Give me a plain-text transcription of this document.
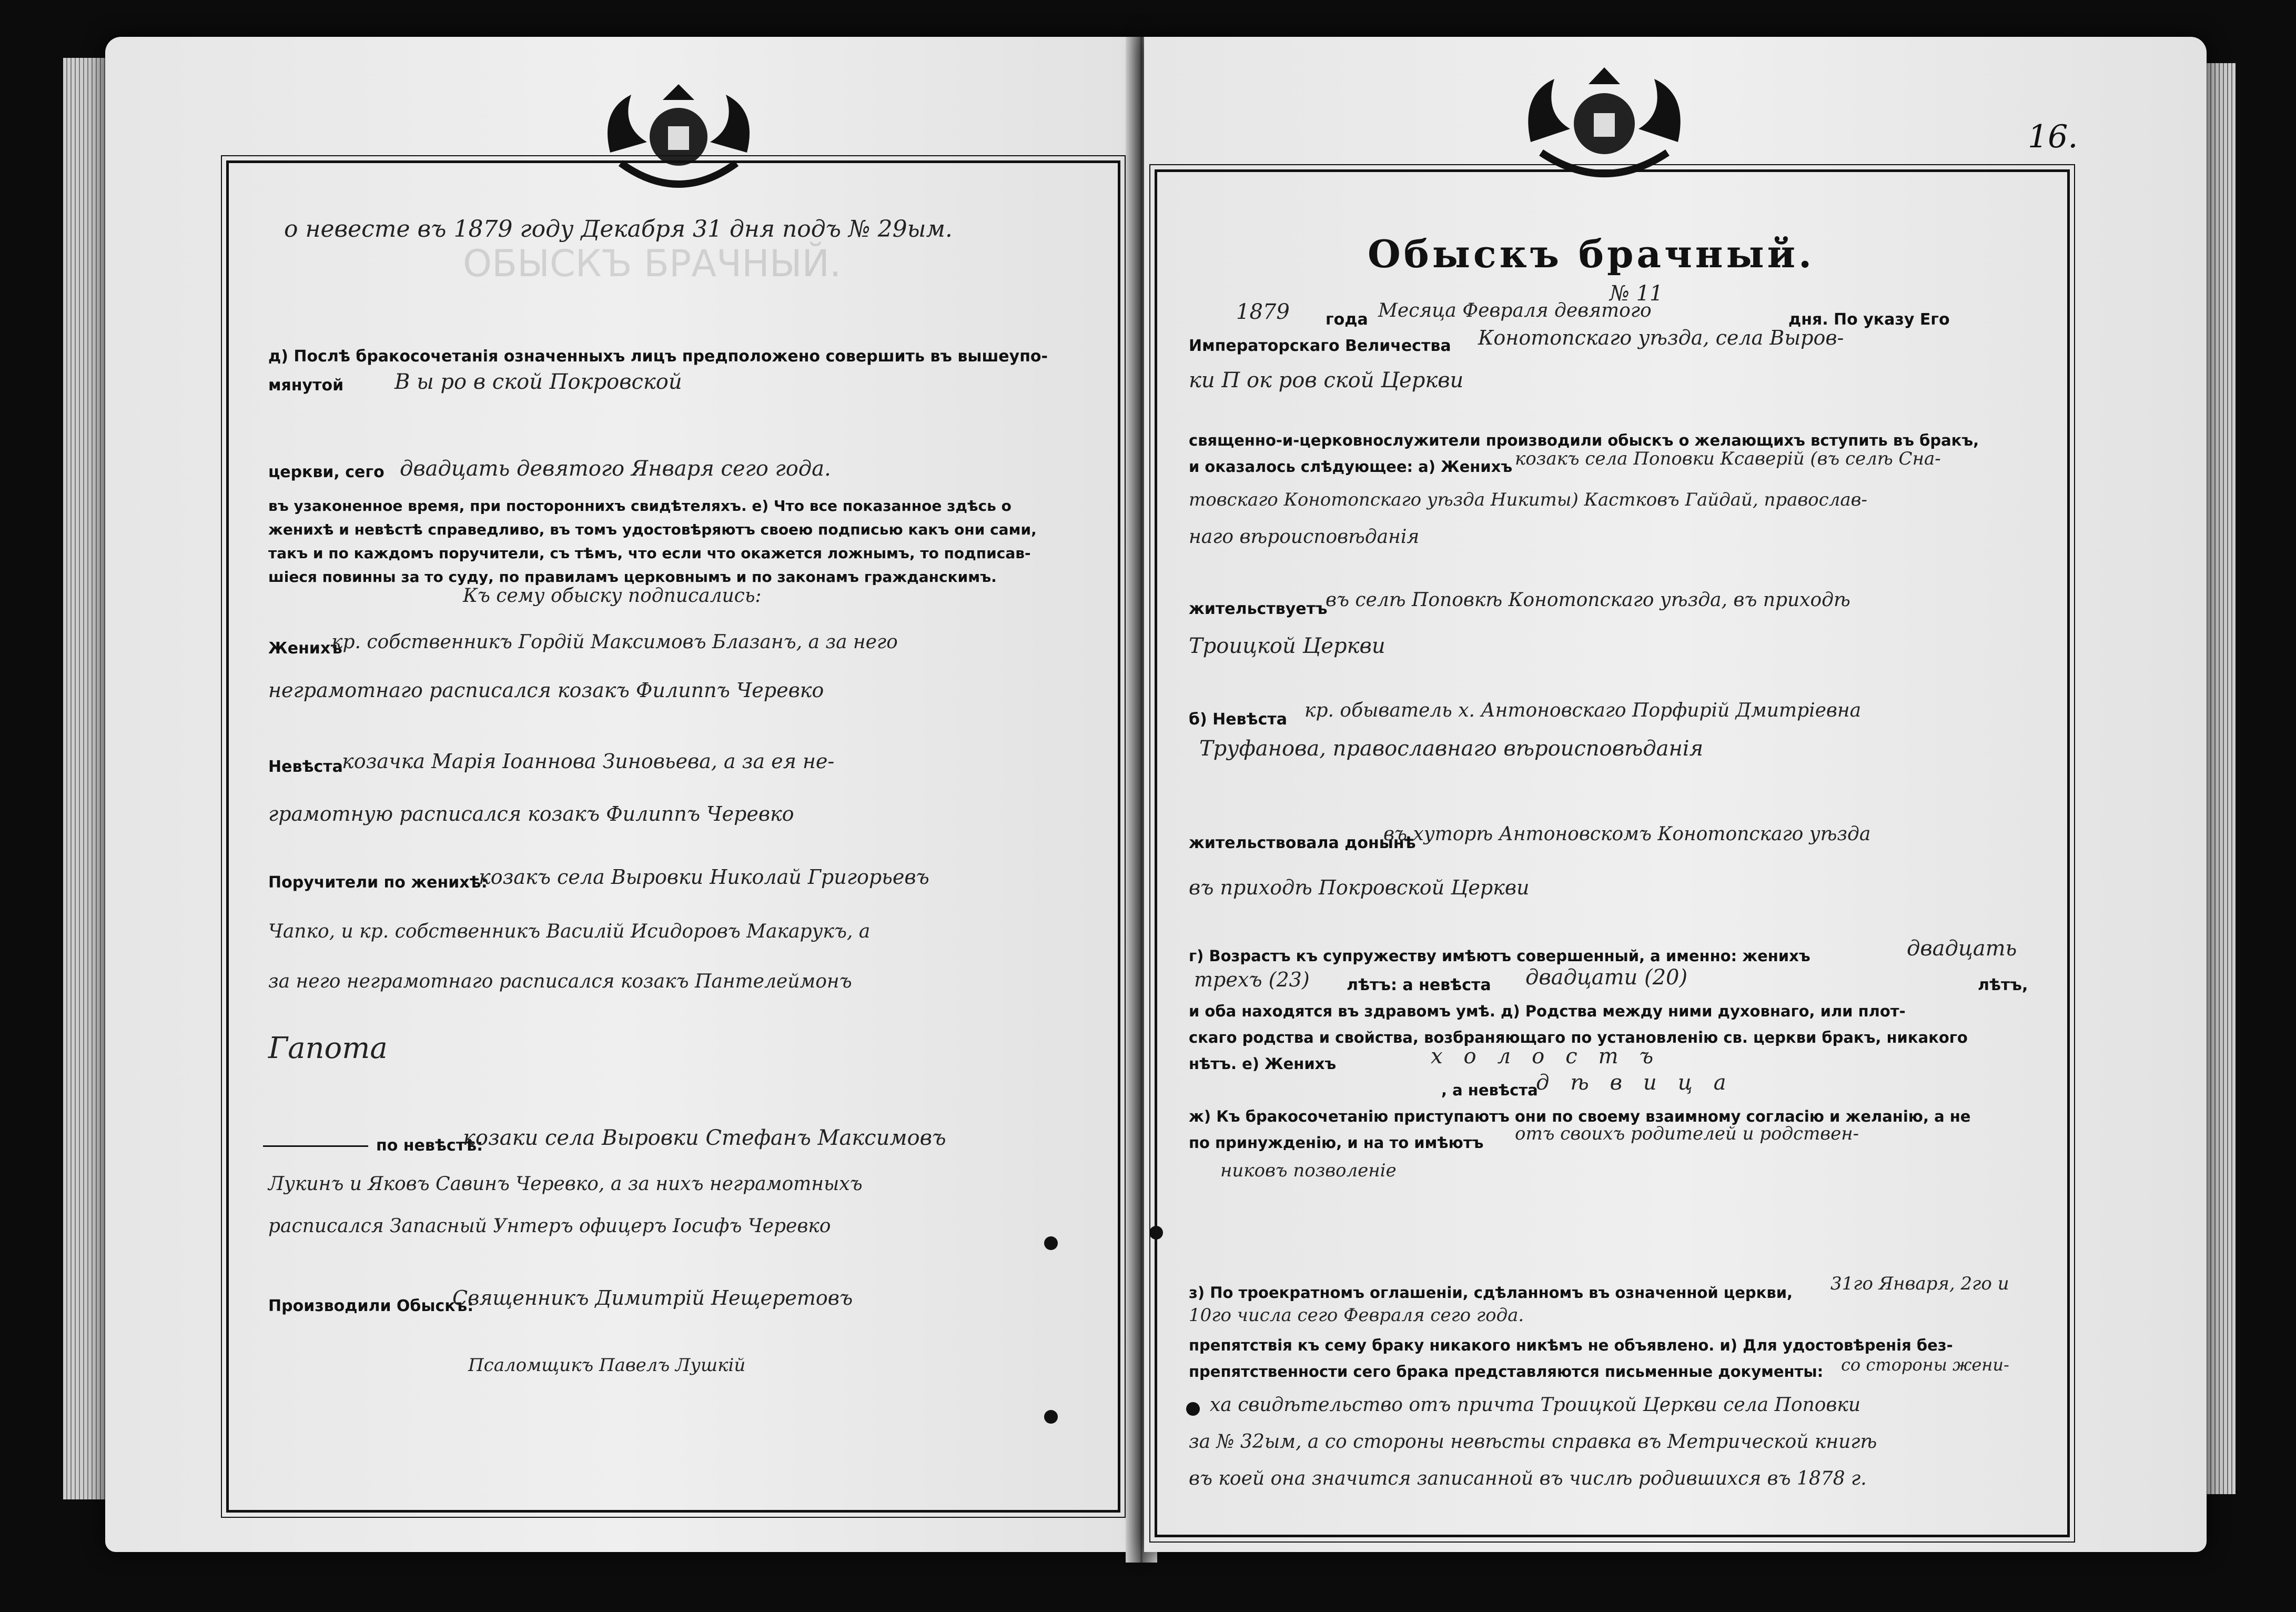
о невесте въ 1879 году Декабря 31 дня подъ № 29ым.
ОБЫСКЪ БРАЧНЫЙ.
д) Послѣ бракосочетанія означенныхъ лицъ предположено совершить въ вышеупо-
мянутой В ы ро в ской Покровской
церкви, сего двадцать девятого Января сего года.
въ узаконенное время, при постороннихъ свидѣтеляхъ. е) Что все показанное здѣсь о
женихѣ и невѣстѣ справедливо, въ томъ удостовѣряютъ своею подписью какъ они сами,
такъ и по каждомъ поручители, съ тѣмъ, что если что окажется ложнымъ, то подписав-
шіеся повинны за то суду, по правиламъ церковнымъ и по законамъ гражданскимъ.
Къ сему обыску подписались:
Женихъ
кр. собственникъ Гордій Максимовъ Блазанъ, а за него
неграмотнаго расписался козакъ Филиппъ Черевко
Невѣста
козачка Марія Іоаннова Зиновьева, а за ея не-
грамотную расписался козакъ Филиппъ Черевко
Поручители по женихѣ:
козакъ села Выровки Николай Григорьевъ
Чапко, и кр. собственникъ Василій Исидоровъ Макарукъ, а
за него неграмотнаго расписался козакъ Пантелеймонъ
Гапота
по невѣстѣ:
козаки села Выровки Стефанъ Максимовъ
Лукинъ и Яковъ Савинъ Черевко, а за нихъ неграмотныхъ
расписался Запасный Унтеръ офицеръ Іосифъ Черевко
Производили Обыскъ:
Священникъ Димитрій Нещеретовъ
Псаломщикъ Павелъ Лушкій
16.
Обыскъ брачный.
№ 11
1879 года Месяца Февраля девятого	дня. По указу Его
Императорскаго Величества Конотопскаго уѣзда, села Выров-
ки П ок ров ской Церкви
священно-и-церковнослужители производили обыскъ о желающихъ вступить въ бракъ,
и оказалось слѣдующее: а) Женихъ козакъ села Поповки Ксаверій (въ селѣ Сна-
товскаго Конотопскаго уѣзда Никиты) Кастковъ Гайдай, православ-
наго вѣроисповѣданія
жительствуетъ
въ селѣ Поповкѣ Конотопскаго уѣзда, въ приходѣ
Троицкой Церкви
б) Невѣста кр. обыватель х. Антоновскаго Порфирій Дмитріевна
Труфанова, православнаго вѣроисповѣданія
жительствовала донынѣ
въ хуторѣ Антоновскомъ Конотопскаго уѣзда
въ приходѣ Покровской Церкви
г) Возрастъ къ супружеству имѣютъ совершенный, а именно: женихъ	двадцать
трехъ (23) лѣтъ: а невѣста двадцати (20)	лѣтъ,
и оба находятся въ здравомъ умѣ. д) Родства между ними духовнаго, или плот-
скаго родства и свойства, возбраняющаго по установленію св. церкви бракъ, никакого
нѣтъ. е) Женихъ	холостъ
, а невѣста
дѣвица
ж) Къ бракосочетанію приступаютъ они по своему взаимному согласію и желанію, а не
по принужденію, и на то имѣютъ отъ своихъ родителей и родствен-
никовъ позволеніе
з) По троекратномъ оглашеніи, сдѣланномъ въ означенной церкви, 31го Января, 2го и
10го числа сего Февраля сего года.
препятствія къ сему браку никакого никѣмъ не объявлено. и) Для удостовѣренія без-
препятственности сего брака представляются письменные документы: со стороны жени-
ха свидѣтельство отъ причта Троицкой Церкви села Поповки
за № 32ым, а со стороны невѣсты справка въ Метрической книгѣ
въ коей она значится записанной въ числѣ родившихся въ 1878 г.
